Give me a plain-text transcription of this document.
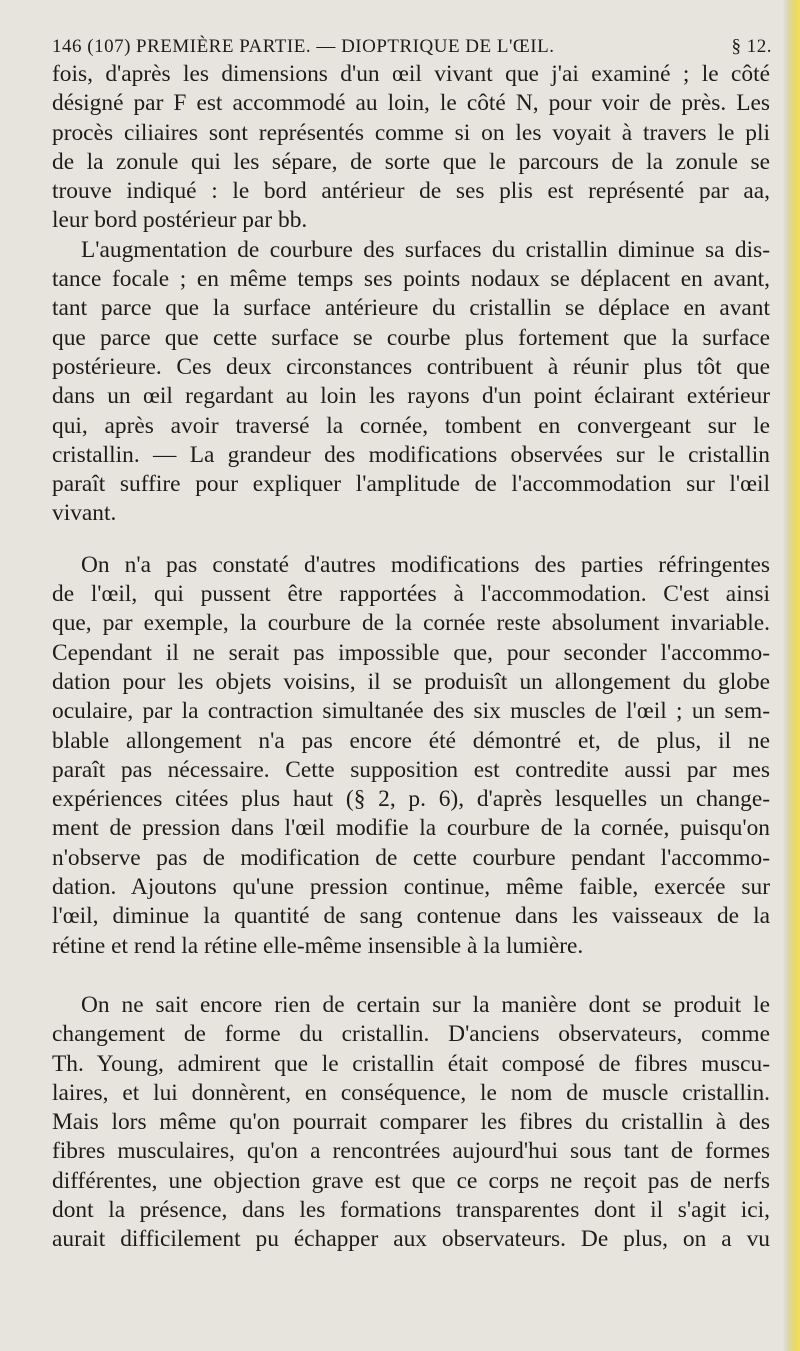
146 (107) PREMIÈRE PARTIE. — DIOPTRIQUE DE L'ŒIL.	§ 12.
fois, d'après les dimensions d'un œil vivant que j'ai examiné ; le côté
désigné par F est accommodé au loin, le côté N, pour voir de près. Les
procès ciliaires sont représentés comme si on les voyait à travers le pli
de la zonule qui les sépare, de sorte que le parcours de la zonule se
trouve indiqué : le bord antérieur de ses plis est représenté par aa,
leur bord postérieur par bb.
L'augmentation de courbure des surfaces du cristallin diminue sa dis-
tance focale ; en même temps ses points nodaux se déplacent en avant,
tant parce que la surface antérieure du cristallin se déplace en avant
que parce que cette surface se courbe plus fortement que la surface
postérieure. Ces deux circonstances contribuent à réunir plus tôt que
dans un œil regardant au loin les rayons d'un point éclairant extérieur
qui, après avoir traversé la cornée, tombent en convergeant sur le
cristallin. — La grandeur des modifications observées sur le cristallin
paraît suffire pour expliquer l'amplitude de l'accommodation sur l'œil
vivant.
On n'a pas constaté d'autres modifications des parties réfringentes
de l'œil, qui pussent être rapportées à l'accommodation. C'est ainsi
que, par exemple, la courbure de la cornée reste absolument invariable.
Cependant il ne serait pas impossible que, pour seconder l'accommo-
dation pour les objets voisins, il se produisît un allongement du globe
oculaire, par la contraction simultanée des six muscles de l'œil ; un sem-
blable allongement n'a pas encore été démontré et, de plus, il ne
paraît pas nécessaire. Cette supposition est contredite aussi par mes
expériences citées plus haut (§ 2, p. 6), d'après lesquelles un change-
ment de pression dans l'œil modifie la courbure de la cornée, puisqu'on
n'observe pas de modification de cette courbure pendant l'accommo-
dation. Ajoutons qu'une pression continue, même faible, exercée sur
l'œil, diminue la quantité de sang contenue dans les vaisseaux de la
rétine et rend la rétine elle-même insensible à la lumière.
On ne sait encore rien de certain sur la manière dont se produit le
changement de forme du cristallin. D'anciens observateurs, comme
Th. Young, admirent que le cristallin était composé de fibres muscu-
laires, et lui donnèrent, en conséquence, le nom de muscle cristallin.
Mais lors même qu'on pourrait comparer les fibres du cristallin à des
fibres musculaires, qu'on a rencontrées aujourd'hui sous tant de formes
différentes, une objection grave est que ce corps ne reçoit pas de nerfs
dont la présence, dans les formations transparentes dont il s'agit ici,
aurait difficilement pu échapper aux observateurs. De plus, on a vu
